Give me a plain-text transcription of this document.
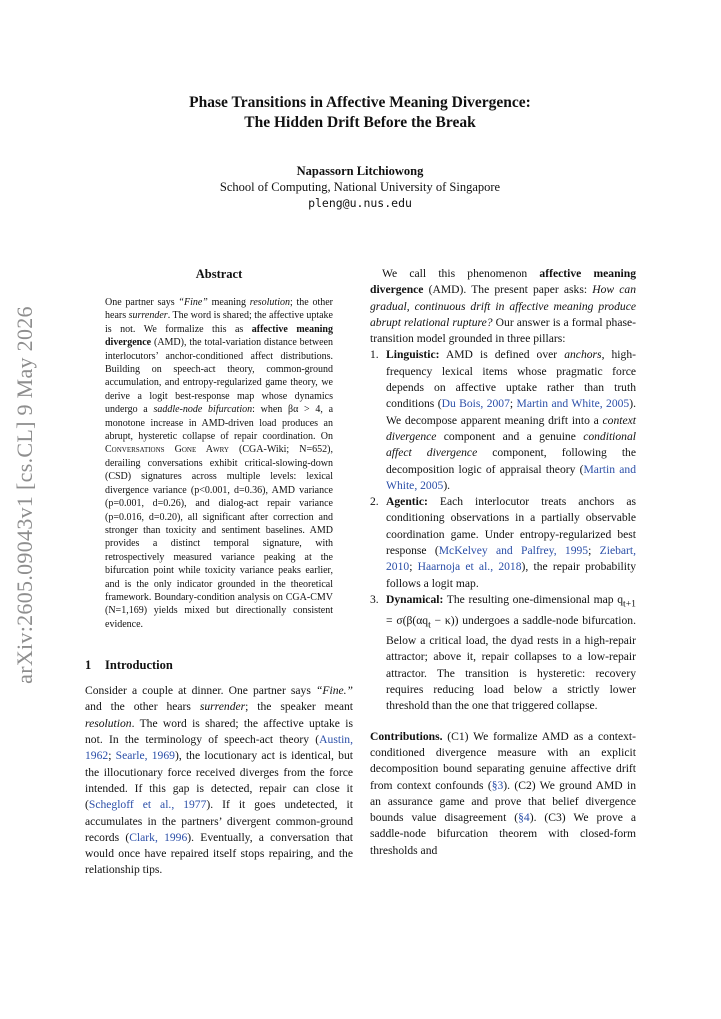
arXiv:2605.09043v1 [cs.CL] 9 May 2026
Phase Transitions in Affective Meaning Divergence:
The Hidden Drift Before the Break
Napassorn Litchiowong
School of Computing, National University of Singapore
pleng@u.nus.edu
Abstract

One partner says “Fine” meaning resolution; the other hears surrender. The word is shared; the affective uptake is not. We formalize this as affective meaning divergence (AMD), the total-variation distance between interlocutors’ anchor-conditioned affect distributions. Building on speech-act theory, common-ground accumulation, and entropy-regularized game theory, we derive a logit best-response map whose dynamics undergo a saddle-node bifurcation: when βα > 4, a monotone increase in AMD-driven load produces an abrupt, hysteretic collapse of repair coordination. On Conversations Gone Awry (CGA-Wiki; N=652), derailing conversations exhibit critical-slowing-down (CSD) signatures across multiple levels: lexical divergence variance (p<0.001, d=0.36), AMD variance (p=0.001, d=0.26), and dialog-act repair variance (p=0.016, d=0.20), all significant after correction and stronger than toxicity and sentiment baselines. AMD provides a distinct temporal signature, with retrospectively measured variance peaking at the bifurcation point while toxicity variance peaks earlier, and is the only indicator grounded in the theoretical framework. Boundary-condition analysis on CGA-CMV (N=1,169) yields mixed but directionally consistent evidence.

1 Introduction

Consider a couple at dinner. One partner says “Fine.” and the other hears surrender; the speaker meant resolution. The word is shared; the affective uptake is not. In the terminology of speech-act theory (Austin, 1962; Searle, 1969), the locutionary act is identical, but the illocutionary force received diverges from the force intended. If this gap is detected, repair can close it (Schegloff et al., 1977). If it goes undetected, it accumulates in the partners’ divergent common-ground records (Clark, 1996). Eventually, a conversation that would once have repaired itself stops repairing, and the relationship tips.

We call this phenomenon affective meaning divergence (AMD). The present paper asks: How can gradual, continuous drift in affective meaning produce abrupt relational rupture? Our answer is a formal phase-transition model grounded in three pillars:

1. Linguistic: AMD is defined over anchors, high-frequency lexical items whose pragmatic force depends on affective uptake rather than truth conditions (Du Bois, 2007; Martin and White, 2005). We decompose apparent meaning drift into a context divergence component and a genuine conditional affect divergence component, following the decomposition logic of appraisal theory (Martin and White, 2005).
2. Agentic: Each interlocutor treats anchors as conditioning observations in a partially observable coordination game. Under entropy-regularized best response (McKelvey and Palfrey, 1995; Ziebart, 2010; Haarnoja et al., 2018), the repair probability follows a logit map.
3. Dynamical: The resulting one-dimensional map $q_{t+1} = \sigma(\beta(\alpha q_t - \kappa))$ undergoes a saddle-node bifurcation. Below a critical load, the dyad rests in a high-repair attractor; above it, repair collapses to a low-repair attractor. The transition is hysteretic: recovery requires reducing load below a strictly lower threshold than the one that triggered collapse.

Contributions. (C1) We formalize AMD as a context-conditioned divergence measure with an explicit decomposition bound separating genuine affective drift from context confounds (§3). (C2) We ground AMD in an assurance game and prove that belief divergence bounds value disagreement (§4). (C3) We prove a saddle-node bifurcation theorem with closed-form thresholds and
